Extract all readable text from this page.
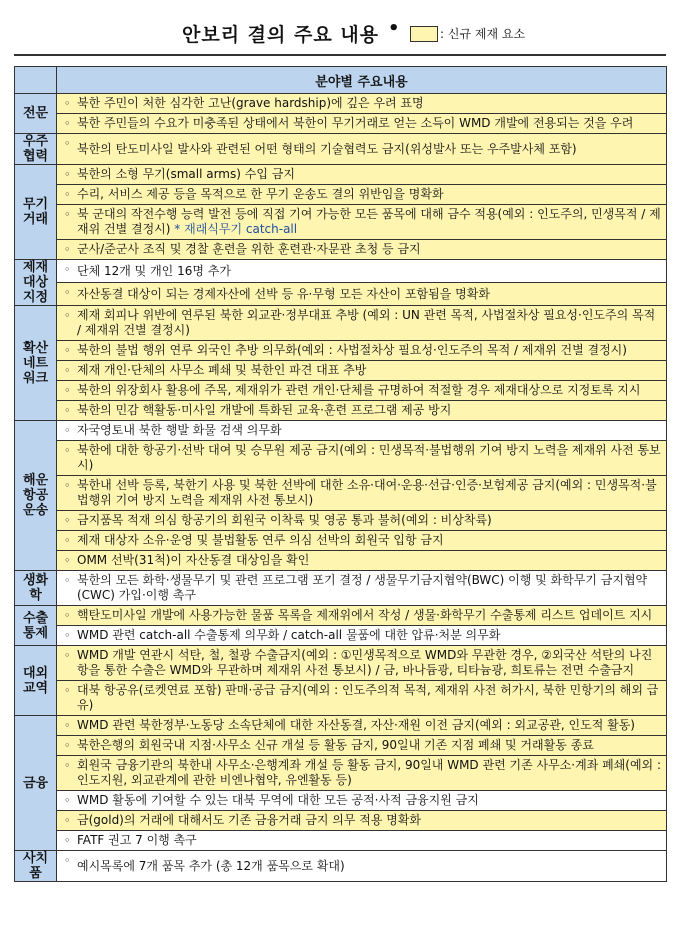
안보리 결의 주요 내용 •	: 신규 제재 요소
	분야별 주요내용
전문	◦ 북한 주민이 처한 심각한 고난(grave hardship)에 깊은 우려 표명
	◦ 북한 주민들의 수요가 미충족된 상태에서 북한이 무기거래로 얻는 소득이 WMD 개발에 전용되는 것을 우려
우주 협력	◦ 북한의 탄도미사일 발사와 관련된 어떤 형태의 기술협력도 금지(위성발사 또는 우주발사체 포함)
무기 거래	◦ 북한의 소형 무기(small arms) 수입 금지
	◦ 수리, 서비스 제공 등을 목적으로 한 무기 운송도 결의 위반임을 명확화
	◦ 북 군대의 작전수행 능력 발전 등에 직접 기여 가능한 모든 품목에 대해 금수 적용(예외 : 인도주의, 민생목적 / 제재위 건별 결정시) * 재래식무기 catch-all
	◦ 군사/준군사 조직 및 경찰 훈련을 위한 훈련관·자문관 초청 등 금지
제재 대상 지정	◦ 단체 12개 및 개인 16명 추가
	◦ 자산동결 대상이 되는 경제자산에 선박 등 유·무형 모든 자산이 포함됨을 명확화
확산 네트 워크	◦ 제재 회피나 위반에 연루된 북한 외교관·정부대표 추방 (예외 : UN 관련 목적, 사법절차상 필요성·인도주의 목적 / 제재위 건별 결정시)
	◦ 북한의 불법 행위 연루 외국인 추방 의무화(예외 : 사법절차상 필요성·인도주의 목적 / 제재위 건별 결정시)
	◦ 제재 개인·단체의 사무소 폐쇄 및 북한인 파견 대표 추방
	◦ 북한의 위장회사 활용에 주목, 제재위가 관련 개인·단체를 규명하여 적절할 경우 제재대상으로 지정토록 지시
	◦ 북한의 민감 핵활동·미사일 개발에 특화된 교육·훈련 프로그램 제공 방지
해운 항공 운송	◦ 자국영토내 북한 행발 화물 검색 의무화
	◦ 북한에 대한 항공기·선박 대여 및 승무원 제공 금지(예외 : 민생목적·불법행위 기여 방지 노력을 제재위 사전 통보시)
	◦ 북한내 선박 등록, 북한기 사용 및 북한 선박에 대한 소유·대여·운용·선급·인증·보험제공 금지(예외 : 민생목적·불법행위 기여 방지 노력을 제재위 사전 통보시)
	◦ 금지품목 적재 의심 항공기의 회원국 이착륙 및 영공 통과 불허(예외 : 비상착륙)
	◦ 제재 대상자 소유·운영 및 불법활동 연루 의심 선박의 회원국 입항 금지
	◦ OMM 선박(31척)이 자산동결 대상임을 확인
생화학	◦ 북한의 모든 화학·생물무기 및 관련 프로그램 포기 결정 / 생물무기금지협약(BWC) 이행 및 화학무기 금지협약(CWC) 가입·이행 촉구
수출 통제	◦ 핵탄도미사일 개발에 사용가능한 물품 목록을 제재위에서 작성 / 생물·화학무기 수출통제 리스트 업데이트 지시
	◦ WMD 관련 catch-all 수출통제 의무화 / catch-all 물품에 대한 압류·처분 의무화
대외 교역	◦ WMD 개발 연관시 석탄, 철, 철광 수출금지(예외 : ①민생목적으로 WMD와 무관한 경우, ②외국산 석탄의 나진항을 통한 수출은 WMD와 무관하며 제재위 사전 통보시) / 금, 바나듐광, 티타늄광, 희토류는 전면 수출금지
	◦ 대북 항공유(로켓연료 포함) 판매·공급 금지(예외 : 인도주의적 목적, 제재위 사전 허가시, 북한 민항기의 해외 급유)
금융	◦ WMD 관련 북한정부·노동당 소속단체에 대한 자산동결, 자산·재원 이전 금지(예외 : 외교공관, 인도적 활동)
	◦ 북한은행의 회원국내 지점·사무소 신규 개설 등 활동 금지, 90일내 기존 지점 폐쇄 및 거래활동 종료
	◦ 회원국 금융기관의 북한내 사무소·은행계좌 개설 등 활동 금지, 90일내 WMD 관련 기존 사무소·계좌 폐쇄(예외 : 인도지원, 외교관계에 관한 비엔나협약, 유엔활동 등)
	◦ WMD 활동에 기여할 수 있는 대북 무역에 대한 모든 공적·사적 금융지원 금지
	◦ 금(gold)의 거래에 대해서도 기존 금융거래 금지 의무 적용 명확화
	◦ FATF 권고 7 이행 촉구
사치품	◦ 예시목록에 7개 품목 추가 (총 12개 품목으로 확대)
